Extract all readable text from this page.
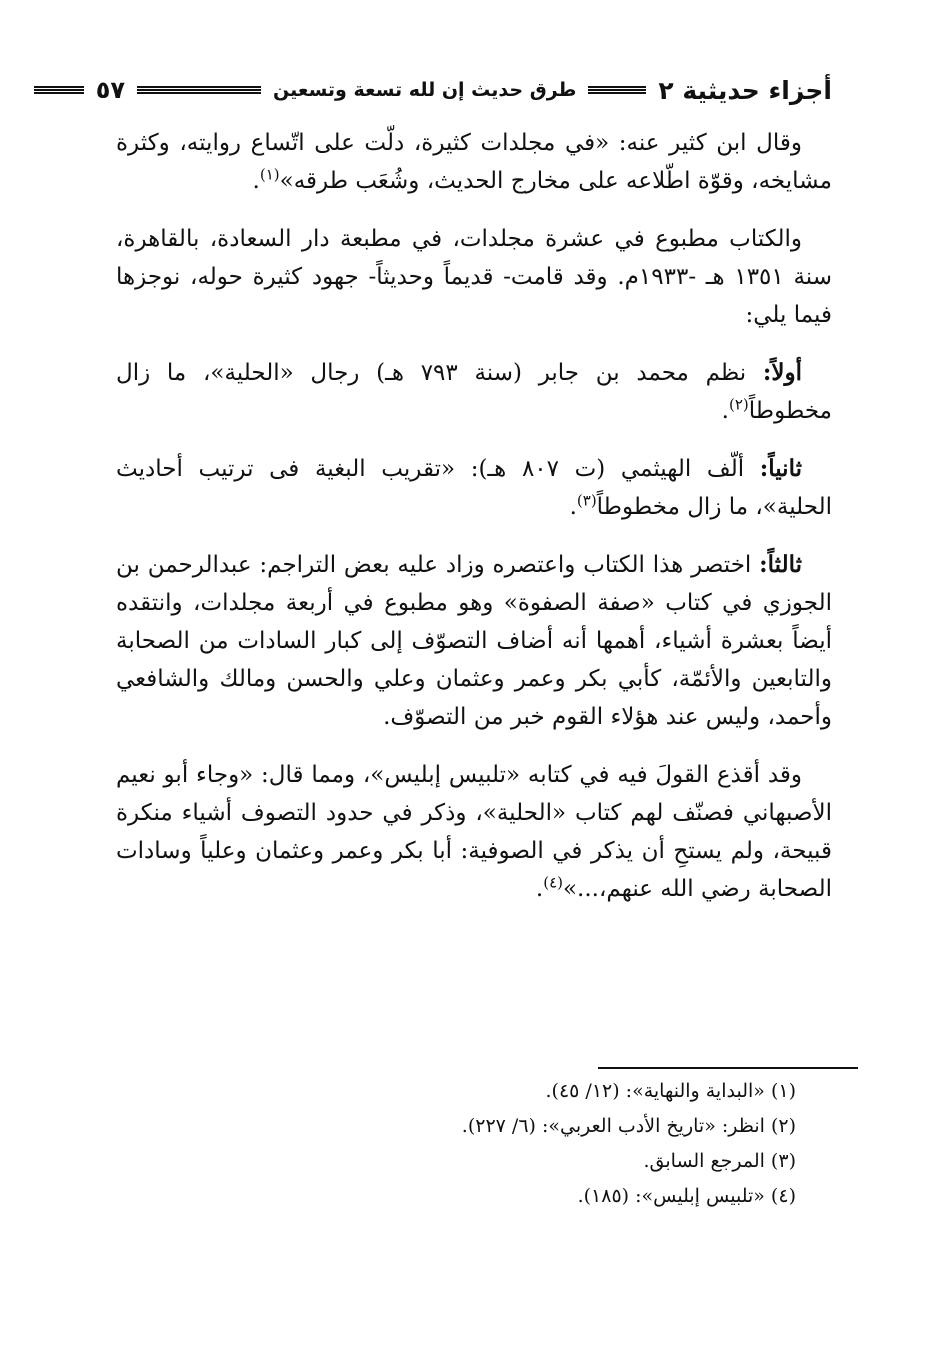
أجزاء حديثية ٢
طرق حديث إن لله تسعة وتسعين
٥٧

وقال ابن كثير عنه: «في مجلدات كثيرة، دلّت على اتّساع روايته، وكثرة مشايخه، وقوّة اطّلاعه على مخارج الحديث، وشُعَب طرقه»$^{(١)}$.

والكتاب مطبوع في عشرة مجلدات، في مطبعة دار السعادة، بالقاهرة، سنة ١٣٥١ هـ -١٩٣٣م. وقد قامت- قديماً وحديثاً- جهود كثيرة حوله، نوجزها فيما يلي:

أولاً: نظم محمد بن جابر (سنة ٧٩٣ هـ) رجال «الحلية»، ما زال مخطوطاً$^{(٢)}$.

ثانياً: ألّف الهيثمي (ت ٨٠٧ هـ): «تقريب البغية فى ترتيب أحاديث الحلية»، ما زال مخطوطاً$^{(٣)}$.

ثالثاً: اختصر هذا الكتاب واعتصره وزاد عليه بعض التراجم: عبدالرحمن بن الجوزي في كتاب «صفة الصفوة» وهو مطبوع في أربعة مجلدات، وانتقده أيضاً بعشرة أشياء، أهمها أنه أضاف التصوّف إلى كبار السادات من الصحابة والتابعين والأئمّة، كأبي بكر وعمر وعثمان وعلي والحسن ومالك والشافعي وأحمد، وليس عند هؤلاء القوم خبر من التصوّف.

وقد أقذع القولَ فيه في كتابه «تلبيس إبليس»، ومما قال: «وجاء أبو نعيم الأصبهاني فصنّف لهم كتاب «الحلية»، وذكر في حدود التصوف أشياء منكرة قبيحة، ولم يستحِ أن يذكر في الصوفية: أبا بكر وعمر وعثمان وعلياً وسادات الصحابة رضي الله عنهم،...»$^{(٤)}$.

(١) «البداية والنهاية»: (١٢/ ٤٥).
(٢) انظر: «تاريخ الأدب العربي»: (٦/ ٢٢٧).
(٣) المرجع السابق.
(٤) «تلبيس إبليس»: (١٨٥).
